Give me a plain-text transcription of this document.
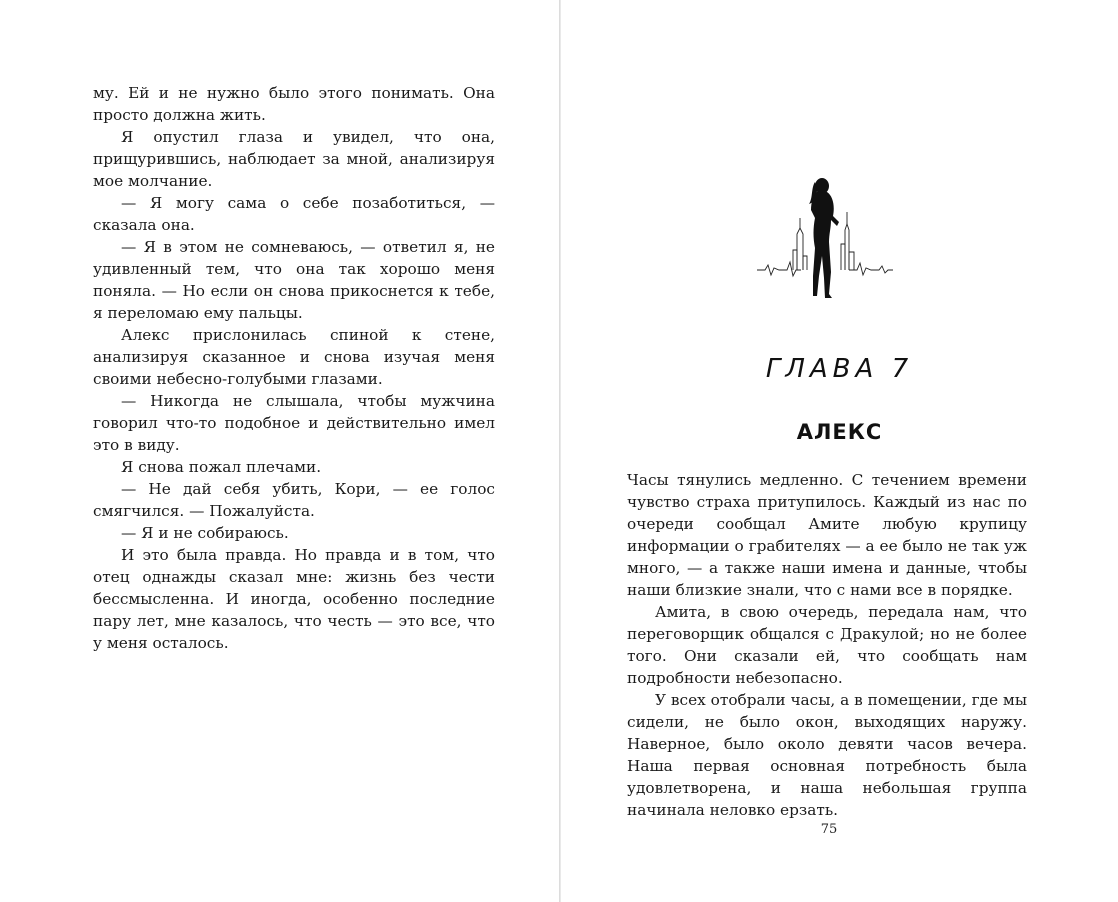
му. Ей и не нужно было этого понимать. Она просто должна жить.

Я опустил глаза и увидел, что она, прищурившись, наблюдает за мной, анализируя мое молчание.

— Я могу сама о себе позаботиться, — сказала она.

— Я в этом не сомневаюсь, — ответил я, не удивленный тем, что она так хорошо меня поняла. — Но если он снова прикоснется к тебе, я переломаю ему пальцы.

Алекс прислонилась спиной к стене, анализируя сказанное и снова изучая меня своими небесно-голубыми глазами.

— Никогда не слышала, чтобы мужчина говорил что-то подобное и действительно имел это в виду.

Я снова пожал плечами.

— Не дай себя убить, Кори, — ее голос смягчился. — Пожалуйста.

— Я и не собираюсь.

И это была правда. Но правда и в том, что отец однажды сказал мне: жизнь без чести бессмысленна. И иногда, особенно последние пару лет, мне казалось, что честь — это все, что у меня осталось.

ГЛАВА 7
АЛЕКС

Часы тянулись медленно. С течением времени чувство страха притупилось. Каждый из нас по очереди сообщал Амите любую крупицу информации о грабителях — а ее было не так уж много, — а также наши имена и данные, чтобы наши близкие знали, что с нами все в порядке.

Амита, в свою очередь, передала нам, что переговорщик общался с Дракулой; но не более того. Они сказали ей, что сообщать нам подробности небезопасно.

У всех отобрали часы, а в помещении, где мы сидели, не было окон, выходящих наружу. Наверное, было около девяти часов вечера. Наша первая основная потребность была удовлетворена, и наша небольшая группа начинала неловко ерзать.

75
